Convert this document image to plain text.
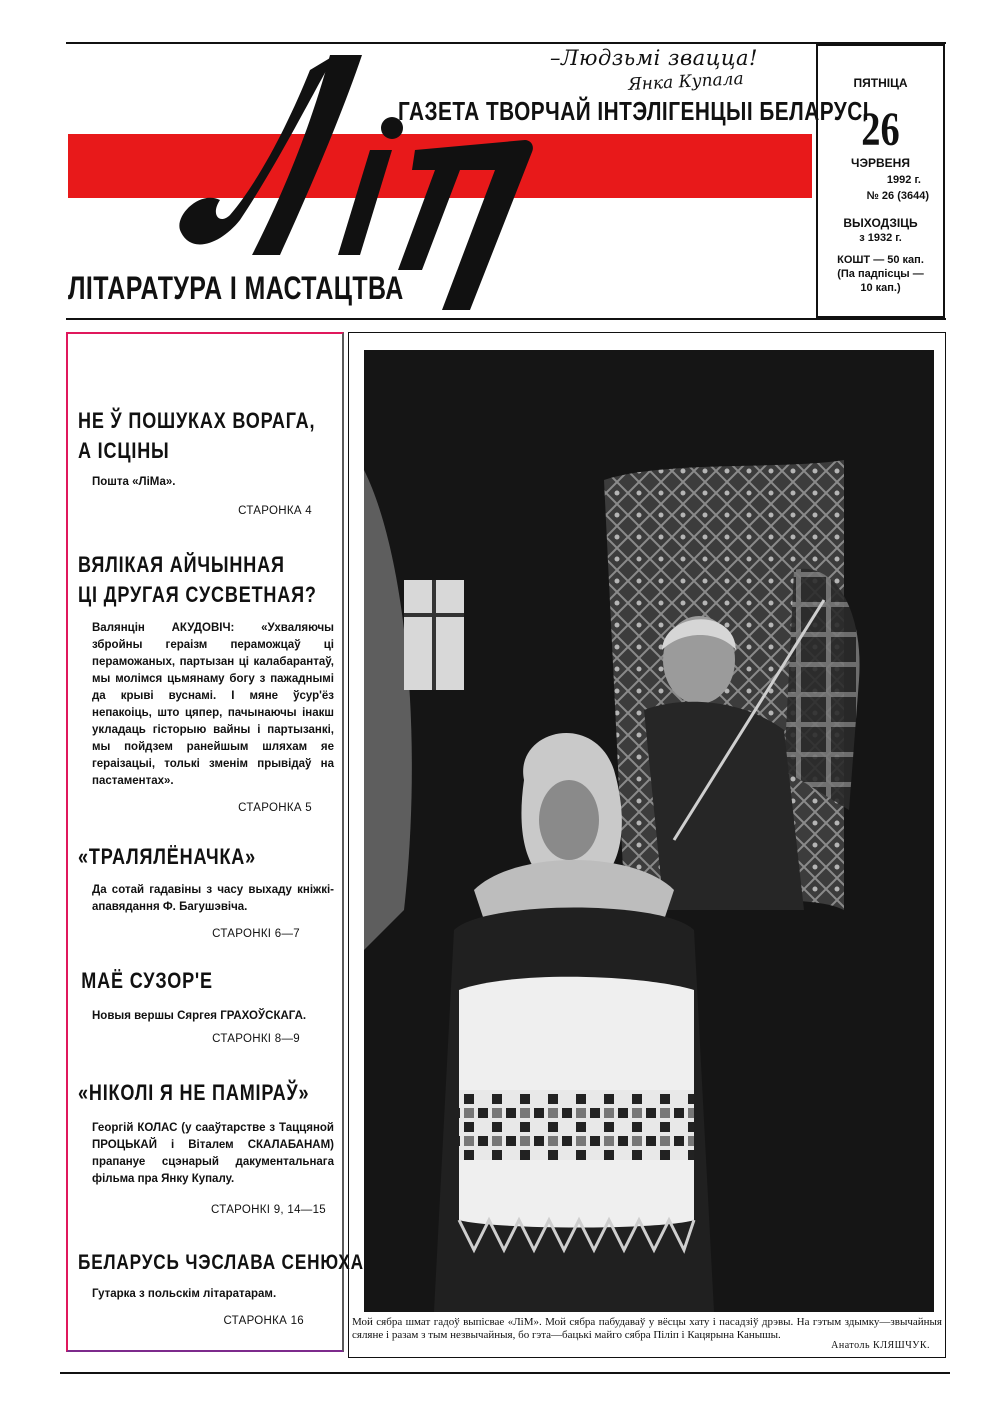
–Людзьмі звацца!
Янка Купала
ГАЗЕТА ТВОРЧАЙ ІНТЭЛІГЕНЦЫІ БЕЛАРУСІ
ЛІТАРАТУРА І МАСТАЦТВА
ПЯТНІЦА
26
ЧЭРВЕНЯ
1992 г.
№ 26 (3644)
ВЫХОДЗІЦЬ
з 1932 г.
КОШТ — 50 кап.
(Па падпісцы —
10 кап.)
НЕ Ў ПОШУКАХ ВОРАГА,
А ІСЦІНЫ
Пошта «ЛіМа».
СТАРОНКА 4
ВЯЛІКАЯ АЙЧЫННАЯ
ЦІ ДРУГАЯ СУСВЕТНАЯ?
Валянцін АКУДОВІЧ: «Ухваляючы збройны гераізм пераможцаў ці пераможаных, партызан ці калабарантаў, мы молімся цьмянаму богу з пажаднымі да крыві вуснамі. І мяне ўсур'ёз непакоіць, што цяпер, пачынаючы інакш укладаць гісторыю вайны і партызанкі, мы пойдзем ранейшым шляхам яе гераізацыі, толькі зменім прывідаў на пастаментах».
СТАРОНКА 5
«ТРАЛЯЛЁНАЧКА»
Да сотай гадавіны з часу выхаду кніжкі-апавядання Ф. Багушэвіча.
СТАРОНКІ 6—7
МАЁ СУЗОР'Е
Новыя вершы Сяргея ГРАХОЎСКАГА.
СТАРОНКІ 8—9
«НІКОЛІ Я НЕ ПАМІРАЎ»
Георгій КОЛАС (у сааўтарстве з Таццяной ПРОЦЬКАЙ і Віталем СКАЛАБАНАМ) прапануе сцэнарый дакументальнага фільма пра Янку Купалу.
СТАРОНКІ 9, 14—15
БЕЛАРУСЬ ЧЭСЛАВА СЕНЮХА
Гутарка з польскім літаратарам.
СТАРОНКА 16	Мой сябра шмат гадоў выпісвае «ЛіМ». Мой сябра пабудаваў у вёсцы хату і пасадзіў дрэвы. На гэтым здымку—звычайныя сяляне і разам з тым незвычайныя, бо гэта—бацькі майго сябра Піліп і Кацярына Канышы.
Анатоль КЛЯШЧУК.
